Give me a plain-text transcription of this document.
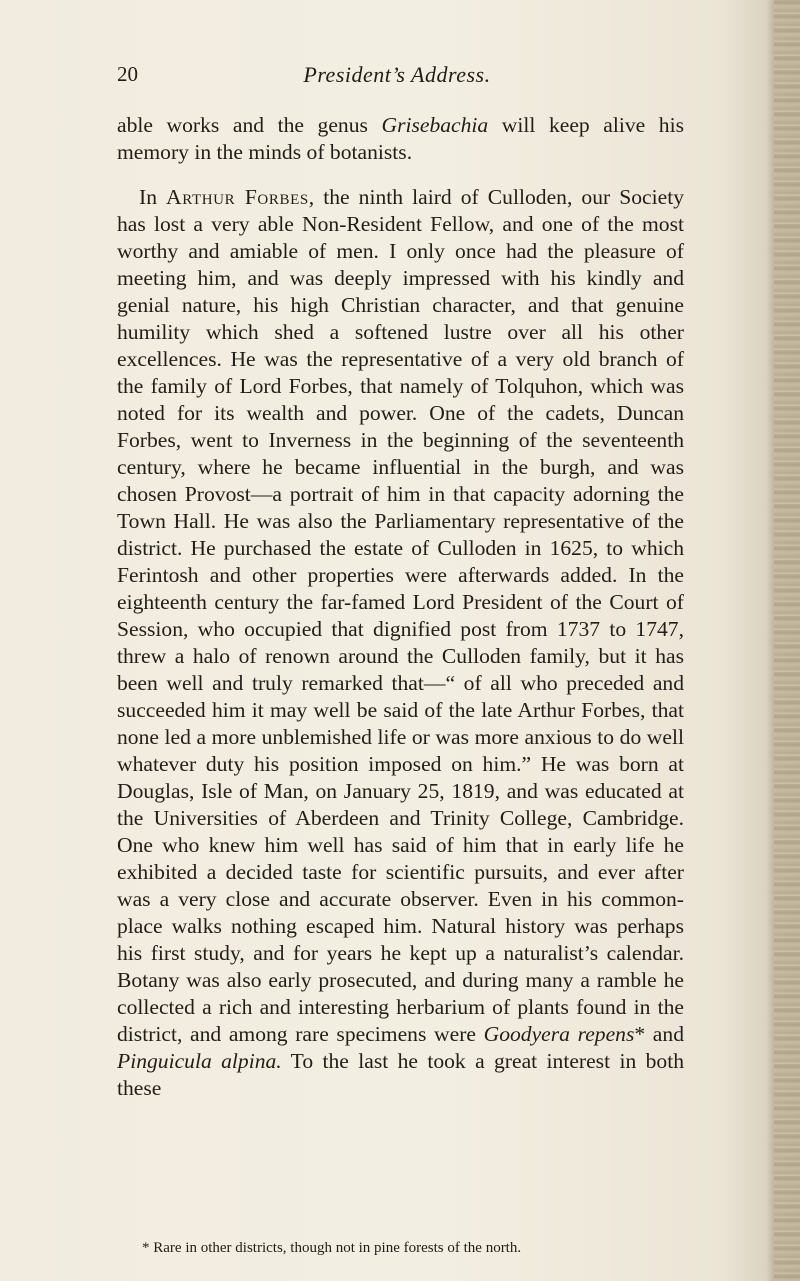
20	President’s Address.

able works and the genus Grisebachia will keep alive his memory in the minds of botanists.

In Arthur Forbes, the ninth laird of Culloden, our Society has lost a very able Non-Resident Fellow, and one of the most worthy and amiable of men. I only once had the pleasure of meeting him, and was deeply impressed with his kindly and genial nature, his high Christian character, and that genuine humility which shed a softened lustre over all his other excellences. He was the representative of a very old branch of the family of Lord Forbes, that namely of Tolquhon, which was noted for its wealth and power. One of the cadets, Duncan Forbes, went to Inverness in the beginning of the seventeenth century, where he became influential in the burgh, and was chosen Provost—a portrait of him in that capacity adorning the Town Hall. He was also the Parliamentary representative of the district. He purchased the estate of Culloden in 1625, to which Ferintosh and other properties were afterwards added. In the eighteenth century the far-famed Lord President of the Court of Session, who occupied that dignified post from 1737 to 1747, threw a halo of renown around the Culloden family, but it has been well and truly remarked that—“ of all who preceded and succeeded him it may well be said of the late Arthur Forbes, that none led a more unblemished life or was more anxious to do well whatever duty his position imposed on him.” He was born at Douglas, Isle of Man, on January 25, 1819, and was educated at the Universities of Aberdeen and Trinity College, Cambridge. One who knew him well has said of him that in early life he exhibited a decided taste for scientific pursuits, and ever after was a very close and accurate observer. Even in his common-place walks nothing escaped him. Natural history was perhaps his first study, and for years he kept up a naturalist’s calendar. Botany was also early prosecuted, and during many a ramble he collected a rich and interesting herbarium of plants found in the district, and among rare specimens were Goodyera repens* and Pinguicula alpina. To the last he took a great interest in both these

* Rare in other districts, though not in pine forests of the north.
